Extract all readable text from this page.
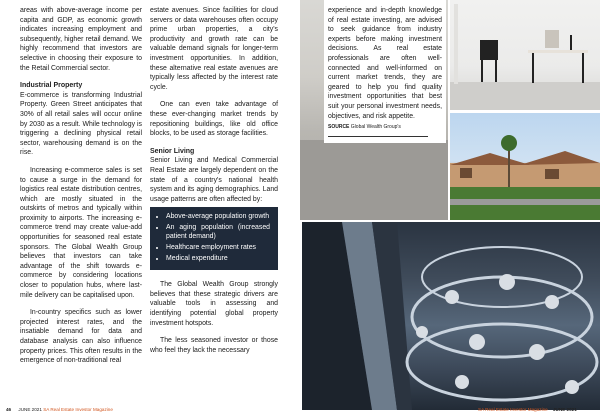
areas with above-average income per capita and GDP, as economic growth indicates increasing employment and subsequently, higher retail demand. We highly recommend that investors are selective in choosing their exposure to the Retail Commercial sector.

Industrial Property

E-commerce is transforming Industrial Property. Green Street anticipates that 30% of all retail sales will occur online by 2030 as a result. While technology is triggering a declining physical retail sector, warehousing demand is on the rise.

Increasing e-commerce sales is set to cause a surge in the demand for logistics real estate distribution centres, which are mostly situated in the outskirts of metros and typically within proximity to airports. The increasing e-commerce trend may create value-add opportunities for seasoned real estate sponsors. The Global Wealth Group believes that investors can take advantage of the shift towards e-commerce by considering locations closer to population hubs, where last-mile delivery can be capitalised upon.

In-country specifics such as lower projected interest rates, and the insatiable demand for data and database analysis can also influence property prices. This often results in the emergence of non-traditional real

estate avenues. Since facilities for cloud servers or data warehouses often occupy prime urban properties, a city's productivity and growth rate can be valuable demand signals for longer-term investment opportunities. In addition, these alternative real estate avenues are typically less affected by the interest rate cycle.

One can even take advantage of these ever-changing market trends by repositioning buildings, like old office blocks, to be used as storage facilities.

Senior Living

Senior Living and Medical Commercial Real Estate are largely dependent on the state of a country's national health system and its aging demographics. Land usage patterns are often affected by:

• Above-average population growth
• An aging population (increased patient demand)
• Healthcare employment rates
• Medical expenditure

The Global Wealth Group strongly believes that these strategic drivers are valuable tools in assessing and identifying potential global property investment hotspots.

The less seasoned investor or those who feel they lack the necessary

46 JUNE 2021 SA Real Estate Investor Magazine

experience and in-depth knowledge of real estate investing, are advised to seek guidance from industry experts before making investment decisions. As real estate professionals are often well-connected and well-informed on current market trends, they are geared to help you find quality investment opportunities that best suit your personal investment needs, objectives, and risk appetite.

SOURCE Global Wealth Group's
SA Real Estate Investor Magazine JUNE 2021
